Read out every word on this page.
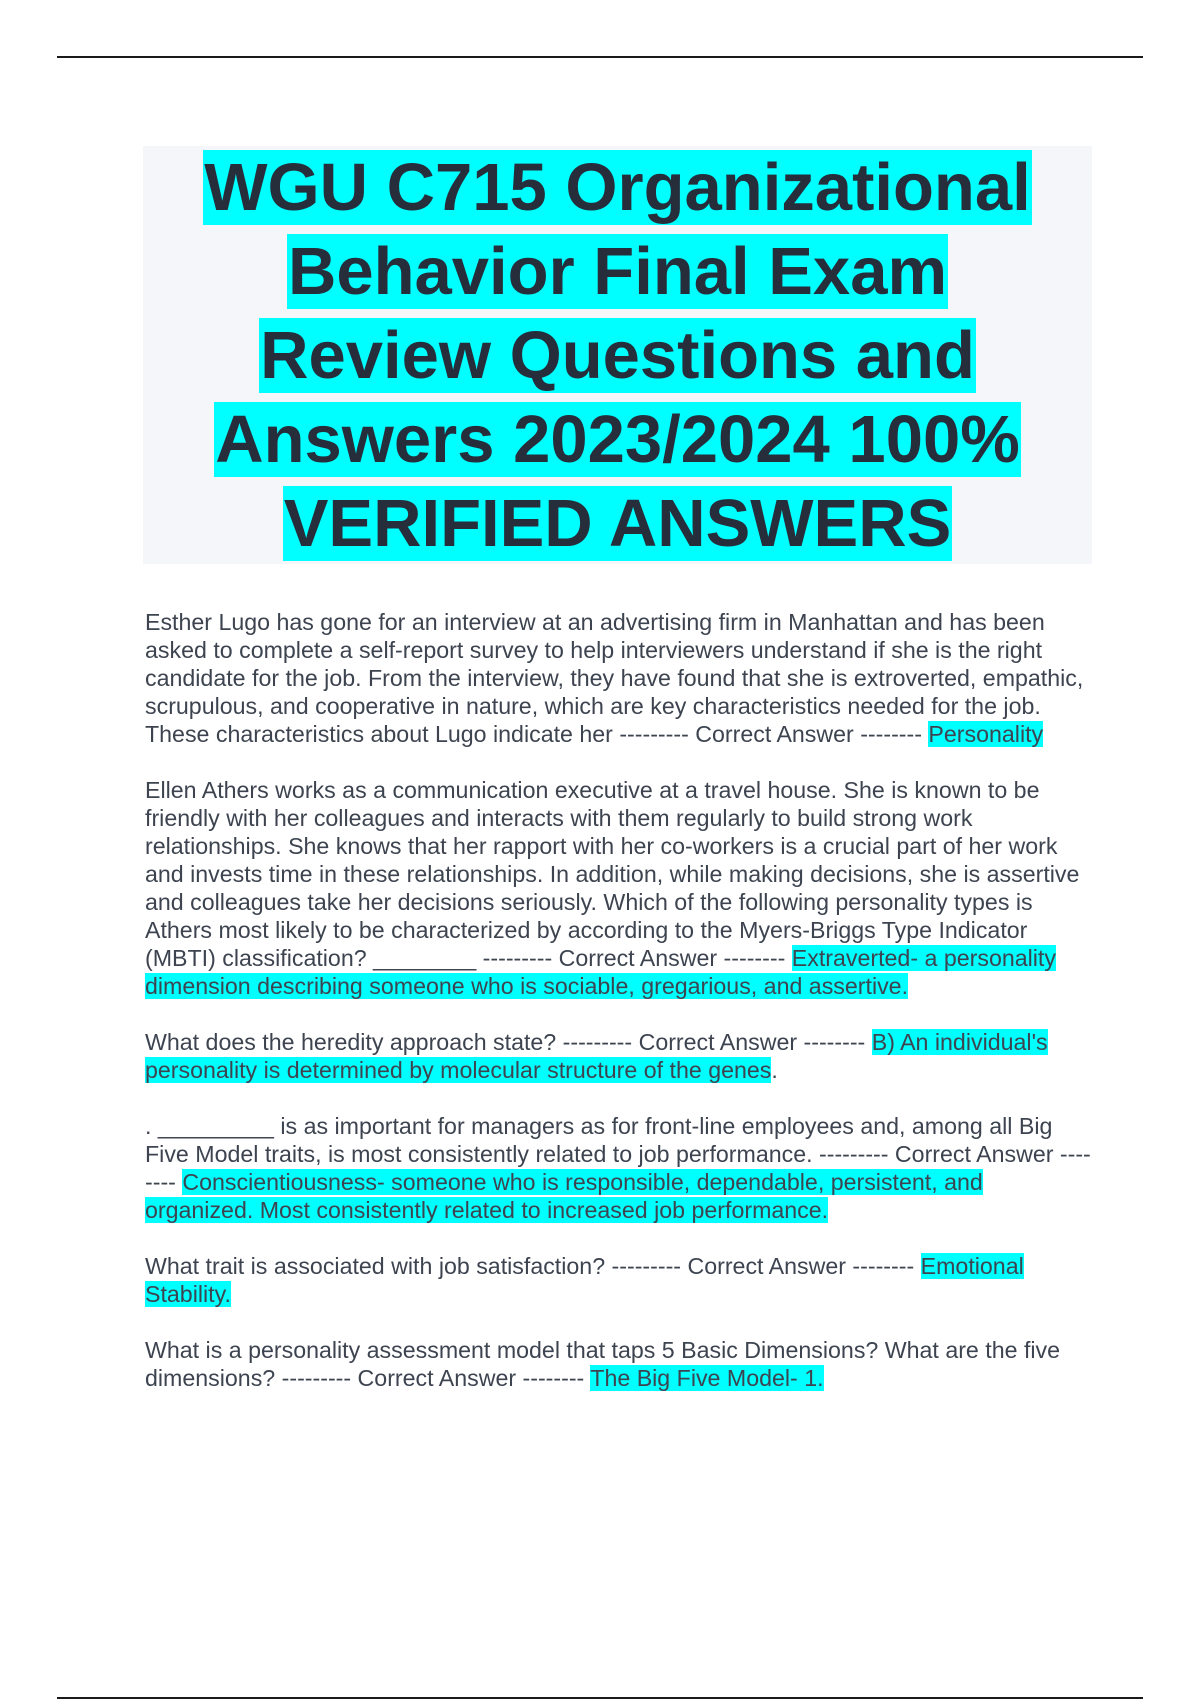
WGU C715 Organizational
Behavior Final Exam
Review Questions and
Answers 2023/2024 100%
VERIFIED ANSWERS

Esther Lugo has gone for an interview at an advertising firm in Manhattan and has been asked to complete a self-report survey to help interviewers understand if she is the right candidate for the job. From the interview, they have found that she is extroverted, empathic, scrupulous, and cooperative in nature, which are key characteristics needed for the job. These characteristics about Lugo indicate her --------- Correct Answer -------- Personality

Ellen Athers works as a communication executive at a travel house. She is known to be friendly with her colleagues and interacts with them regularly to build strong work relationships. She knows that her rapport with her co-workers is a crucial part of her work and invests time in these relationships. In addition, while making decisions, she is assertive and colleagues take her decisions seriously. Which of the following personality types is Athers most likely to be characterized by according to the Myers-Briggs Type Indicator (MBTI) classification? ________ --------- Correct Answer -------- Extraverted- a personality dimension describing someone who is sociable, gregarious, and assertive.

What does the heredity approach state? --------- Correct Answer -------- B) An individual's personality is determined by molecular structure of the genes.

. _________ is as important for managers as for front-line employees and, among all Big Five Model traits, is most consistently related to job performance. --------- Correct Answer -------- Conscientiousness- someone who is responsible, dependable, persistent, and organized. Most consistently related to increased job performance.

What trait is associated with job satisfaction? --------- Correct Answer -------- Emotional Stability.

What is a personality assessment model that taps 5 Basic Dimensions? What are the five dimensions? --------- Correct Answer -------- The Big Five Model- 1.
